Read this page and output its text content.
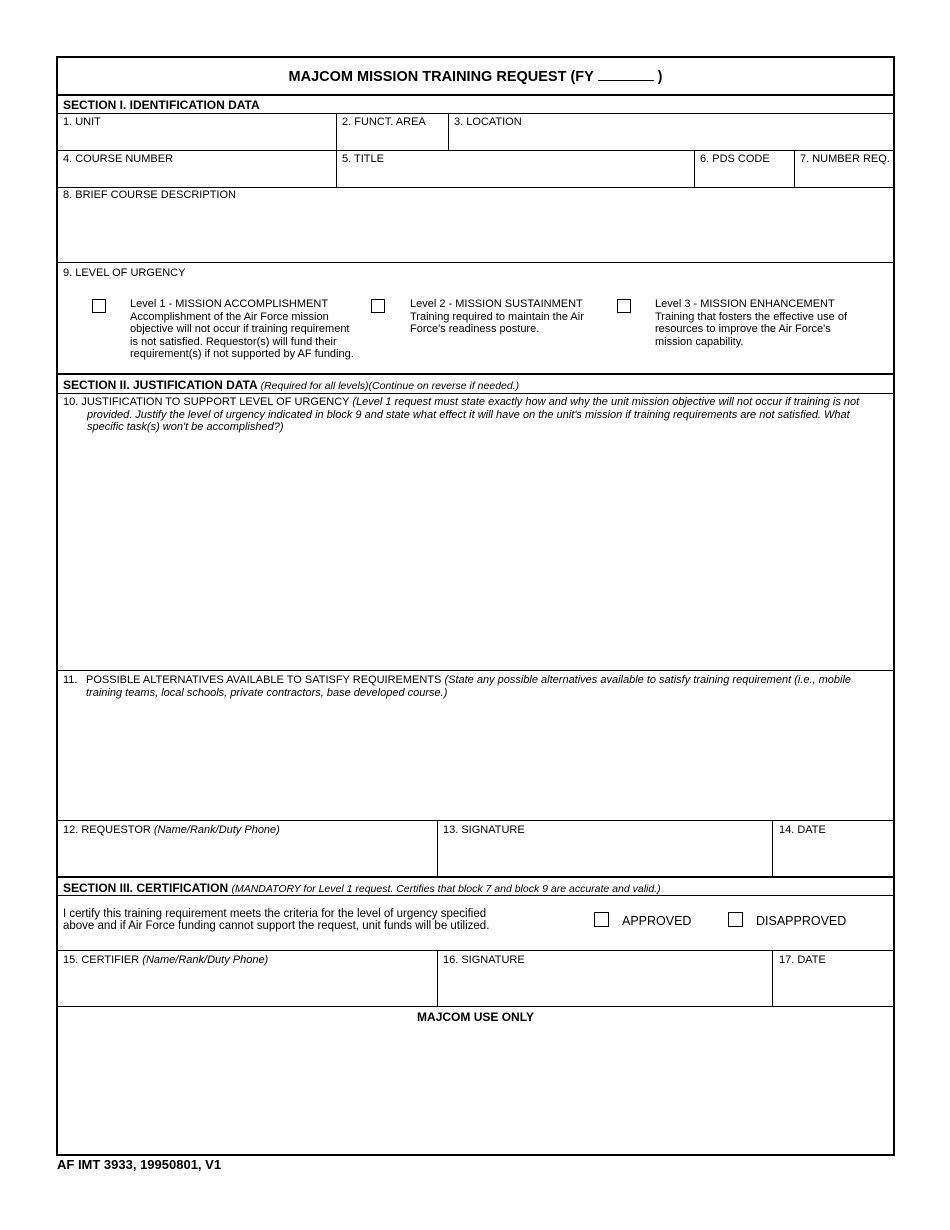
MAJCOM MISSION TRAINING REQUEST (FY	)
SECTION I. IDENTIFICATION DATA
1. UNIT	2. FUNCT. AREA	3. LOCATION
4. COURSE NUMBER	5. TITLE	6. PDS CODE	7. NUMBER REQ.
8. BRIEF COURSE DESCRIPTION
9. LEVEL OF URGENCY
Level 1 - MISSION ACCOMPLISHMENT
Accomplishment of the Air Force mission objective will not occur if training requirement is not satisfied. Requestor(s) will fund their requirement(s) if not supported by AF funding.
Level 2 - MISSION SUSTAINMENT
Training required to maintain the Air Force's readiness posture.
Level 3 - MISSION ENHANCEMENT
Training that fosters the effective use of resources to improve the Air Force's mission capability.
SECTION II. JUSTIFICATION DATA (Required for all levels)(Continue on reverse if needed.)
10. JUSTIFICATION TO SUPPORT LEVEL OF URGENCY (Level 1 request must state exactly how and why the unit mission objective will not occur if training is not provided. Justify the level of urgency indicated in block 9 and state what effect it will have on the unit's mission if training requirements are not satisfied. What specific task(s) won't be accomplished?)
11. POSSIBLE ALTERNATIVES AVAILABLE TO SATISFY REQUIREMENTS (State any possible alternatives available to satisfy training requirement (i.e., mobile training teams, local schools, private contractors, base developed course.)
12. REQUESTOR (Name/Rank/Duty Phone)	13. SIGNATURE	14. DATE
SECTION III. CERTIFICATION (MANDATORY for Level 1 request. Certifies that block 7 and block 9 are accurate and valid.)
I certify this training requirement meets the criteria for the level of urgency specified
above and if Air Force funding cannot support the request, unit funds will be utilized.	APPROVED	DISAPPROVED
15. CERTIFIER (Name/Rank/Duty Phone)	16. SIGNATURE	17. DATE
MAJCOM USE ONLY
AF IMT 3933, 19950801, V1
